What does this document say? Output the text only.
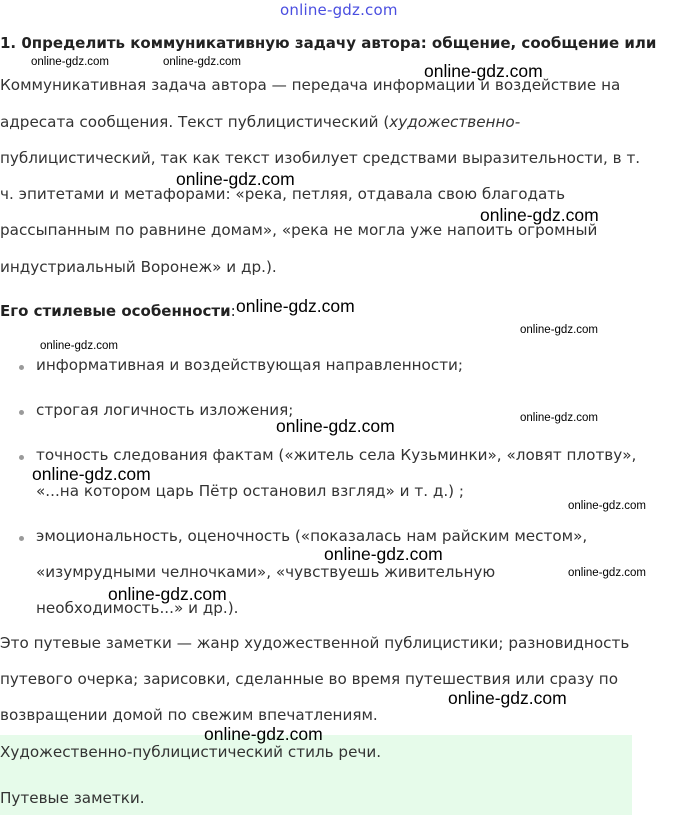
online-gdz.com
1. 0пределить коммуникативную задачу автора: общение, сообщение или
Коммуникативная задача автора — передача информации и воздействие на
адресата сообщения. Текст публицистический (художественно-
публицистический, так как текст изобилует средствами выразительности, в т.
ч. эпитетами и метафорами: «река, петляя, отдавала свою благодать
рассыпанным по равнине домам», «река не могла уже напоить огромный
индустриальный Воронеж» и др.).
Его стилевые особенности:
информативная и воздействующая направленности;
строгая логичность изложения;
точность следования фактам («житель села Кузьминки», «ловят плотву»,
«...на котором царь Пётр остановил взгляд» и т. д.) ;
эмоциональность, оценочность («показалась нам райским местом»,
«изумрудными челночками», «чувствуешь живительную
необходимость...» и др.).
Это путевые заметки — жанр художественной публицистики; разновидность
путевого очерка; зарисовки, сделанные во время путешествия или сразу по
возвращении домой по свежим впечатлениям.
Художественно-публицистический стиль речи.
Путевые заметки.
online-gdz.com	online-gdz.com	online-gdz.com
online-gdz.com
online-gdz.com
online-gdz.com
online-gdz.com
online-gdz.com
online-gdz.com
online-gdz.com
online-gdz.com
online-gdz.com
online-gdz.com
online-gdz.com
online-gdz.com
online-gdz.com
online-gdz.com
